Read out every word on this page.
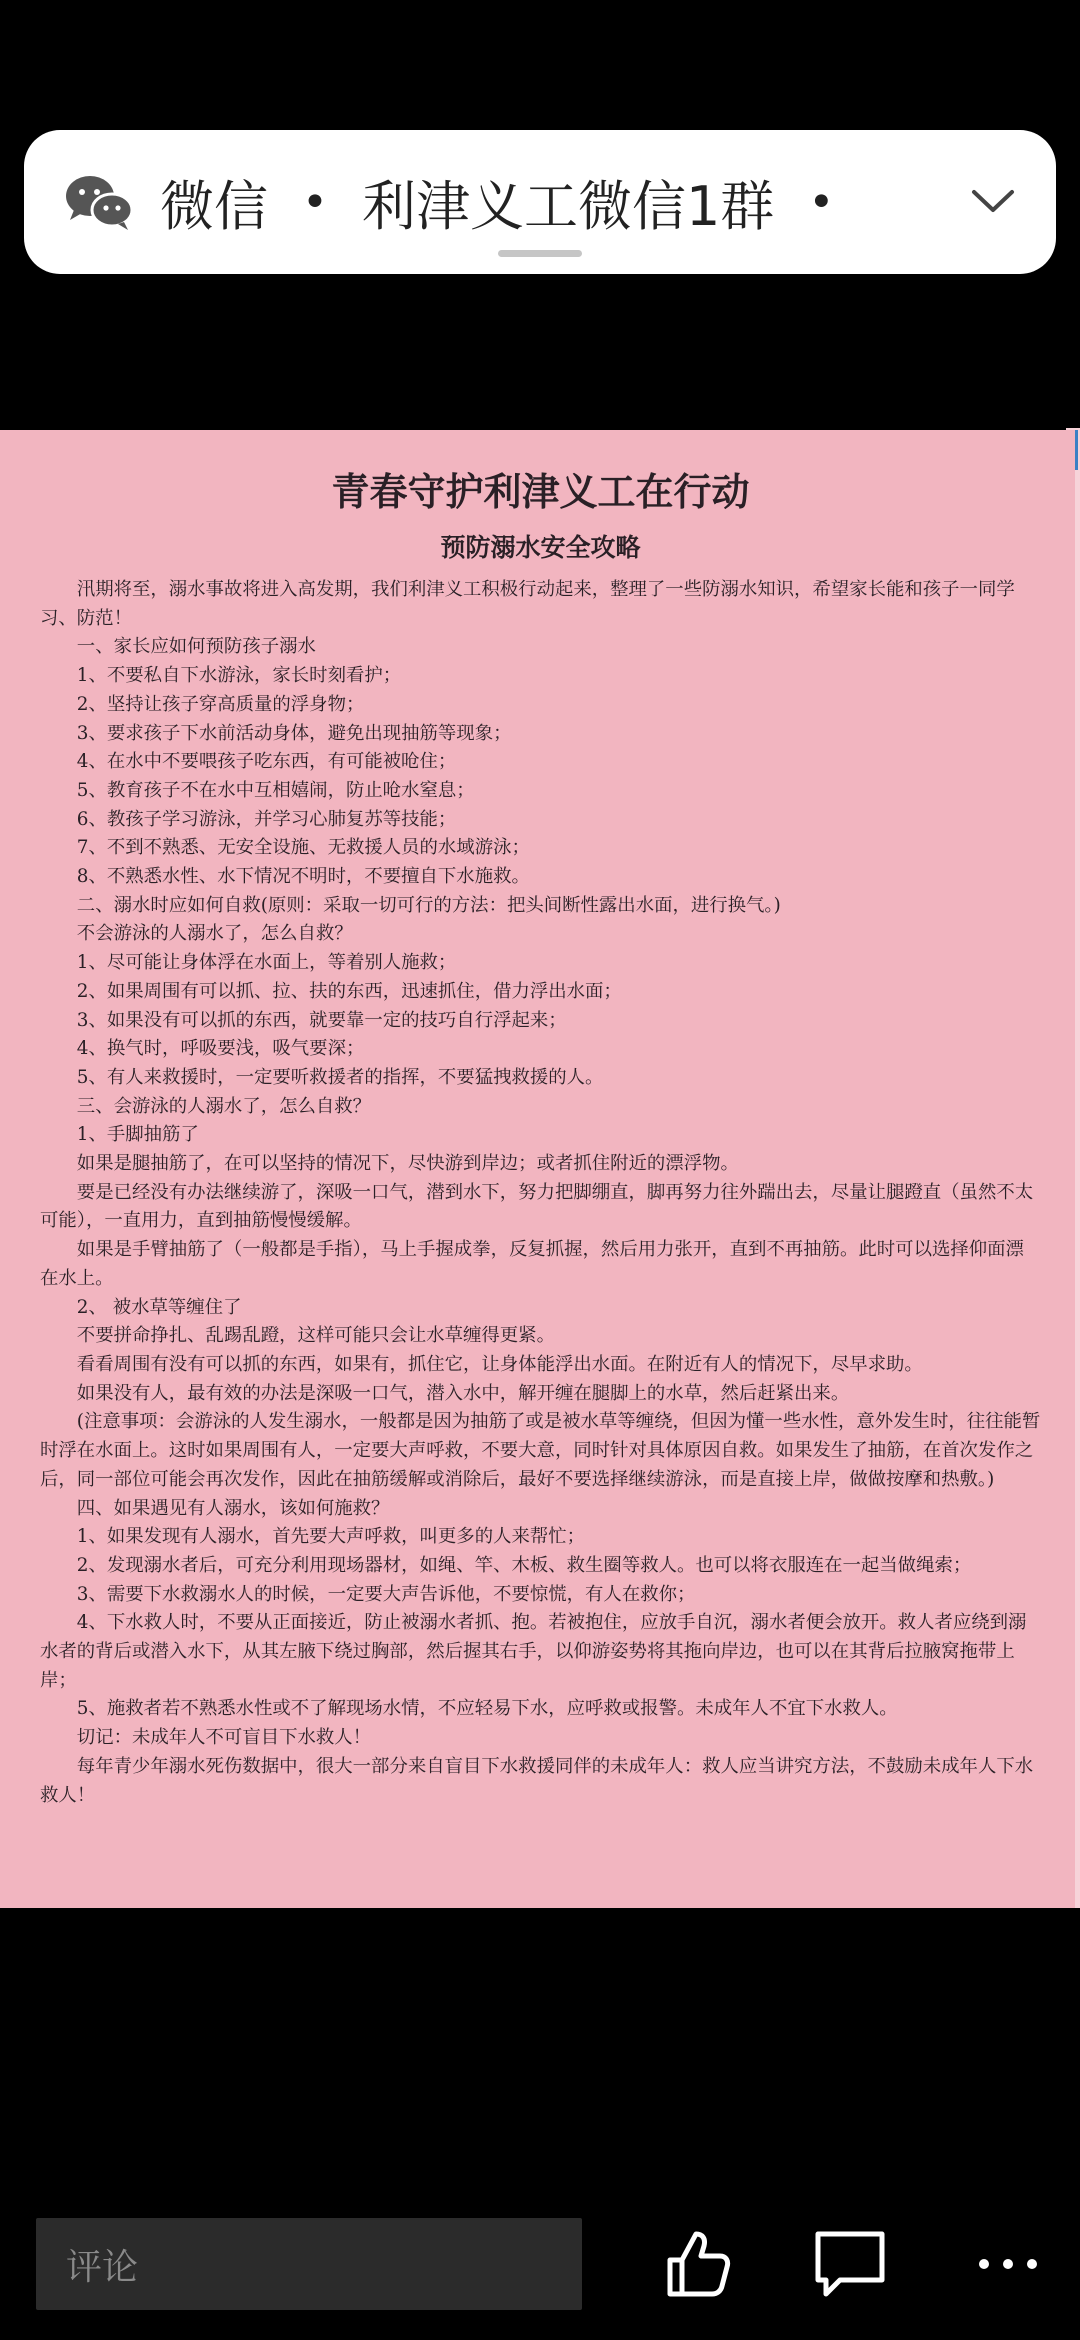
微信 • 利津义工微信1群 •
青春守护利津义工在行动
预防溺水安全攻略

汛期将至，溺水事故将进入高发期，我们利津义工积极行动起来，整理了一些防溺水知识，希望家长能和孩子一同学习、防范！

一、家长应如何预防孩子溺水

1、不要私自下水游泳，家长时刻看护；

2、坚持让孩子穿高质量的浮身物；

3、要求孩子下水前活动身体，避免出现抽筋等现象；

4、在水中不要喂孩子吃东西，有可能被呛住；

5、教育孩子不在水中互相嬉闹，防止呛水窒息；

6、教孩子学习游泳，并学习心肺复苏等技能；

7、不到不熟悉、无安全设施、无救援人员的水域游泳；

8、不熟悉水性、水下情况不明时，不要擅自下水施救。

二、溺水时应如何自救(原则：采取一切可行的方法：把头间断性露出水面，进行换气。)

不会游泳的人溺水了，怎么自救？

1、尽可能让身体浮在水面上，等着别人施救；

2、如果周围有可以抓、拉、扶的东西，迅速抓住，借力浮出水面；

3、如果没有可以抓的东西，就要靠一定的技巧自行浮起来；

4、换气时，呼吸要浅，吸气要深；

5、有人来救援时，一定要听救援者的指挥，不要猛拽救援的人。

三、会游泳的人溺水了，怎么自救？

1、手脚抽筋了

如果是腿抽筋了，在可以坚持的情况下，尽快游到岸边；或者抓住附近的漂浮物。

要是已经没有办法继续游了，深吸一口气，潜到水下，努力把脚绷直，脚再努力往外踹出去，尽量让腿蹬直（虽然不太可能），一直用力，直到抽筋慢慢缓解。

如果是手臂抽筋了（一般都是手指），马上手握成拳，反复抓握，然后用力张开，直到不再抽筋。此时可以选择仰面漂在水上。

2、 被水草等缠住了

不要拼命挣扎、乱踢乱蹬，这样可能只会让水草缠得更紧。

看看周围有没有可以抓的东西，如果有，抓住它，让身体能浮出水面。在附近有人的情况下，尽早求助。

如果没有人，最有效的办法是深吸一口气，潜入水中，解开缠在腿脚上的水草，然后赶紧出来。

(注意事项：会游泳的人发生溺水，一般都是因为抽筋了或是被水草等缠绕，但因为懂一些水性，意外发生时，往往能暂时浮在水面上。这时如果周围有人，一定要大声呼救，不要大意，同时针对具体原因自救。如果发生了抽筋，在首次发作之后，同一部位可能会再次发作，因此在抽筋缓解或消除后，最好不要选择继续游泳，而是直接上岸，做做按摩和热敷。)

四、如果遇见有人溺水，该如何施救？

1、如果发现有人溺水，首先要大声呼救，叫更多的人来帮忙；

2、发现溺水者后，可充分利用现场器材，如绳、竿、木板、救生圈等救人。也可以将衣服连在一起当做绳索；

3、需要下水救溺水人的时候，一定要大声告诉他，不要惊慌，有人在救你；

4、下水救人时，不要从正面接近，防止被溺水者抓、抱。若被抱住，应放手自沉，溺水者便会放开。救人者应绕到溺水者的背后或潜入水下，从其左腋下绕过胸部，然后握其右手，以仰游姿势将其拖向岸边，也可以在其背后拉腋窝拖带上岸；

5、施救者若不熟悉水性或不了解现场水情，不应轻易下水，应呼救或报警。未成年人不宜下水救人。

切记：未成年人不可盲目下水救人！

每年青少年溺水死伤数据中，很大一部分来自盲目下水救援同伴的未成年人：救人应当讲究方法，不鼓励未成年人下水救人！

评论
